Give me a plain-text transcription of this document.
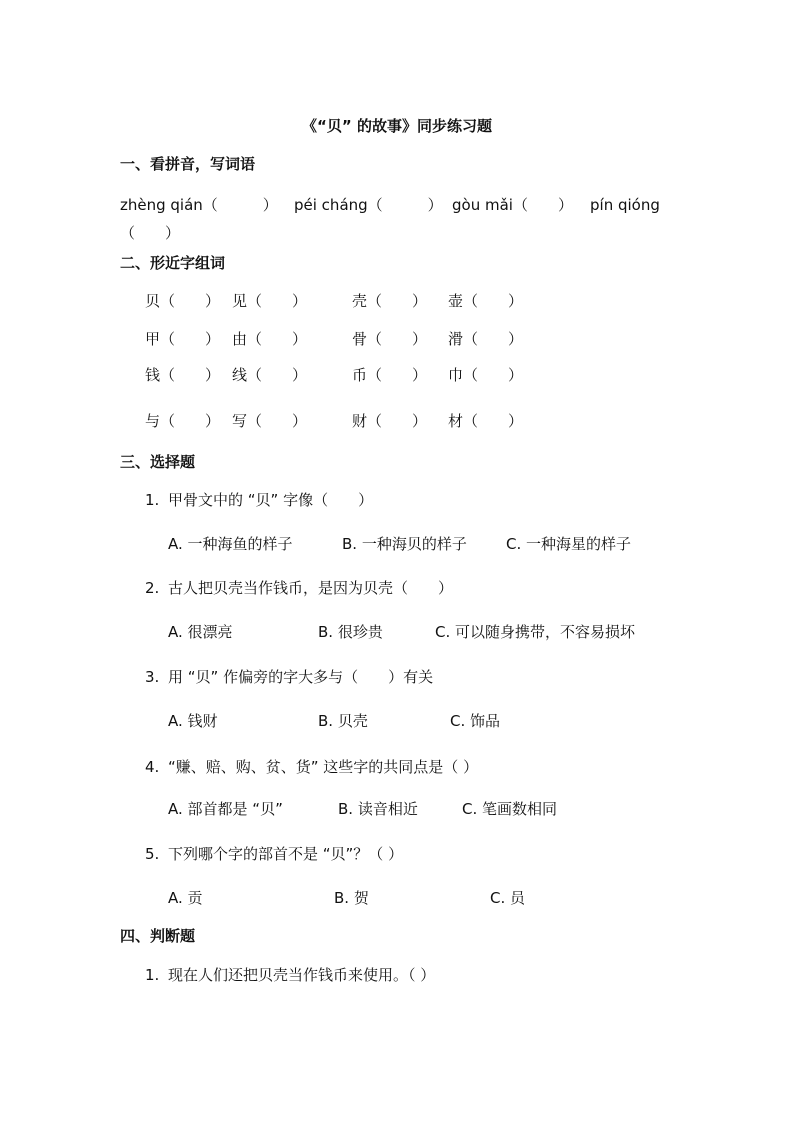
《“贝” 的故事》同步练习题
一、看拼音，写词语
zhèng qián（　　　） péi cháng（　　　） gòu mǎi（　　） pín qióng
（　　）
二、形近字组词
贝（　　） 见（　　）	壳（　　） 壶（　　）
甲（　　） 由（　　）	骨（　　） 滑（　　）
钱（　　） 线（　　）	币（　　） 巾（　　）
与（　　） 写（　　）	财（　　） 材（　　）
三、选择题
1. 甲骨文中的 “贝” 字像（　　）
A. 一种海鱼的样子	B. 一种海贝的样子	C. 一种海星的样子
2. 古人把贝壳当作钱币，是因为贝壳（　　）
A. 很漂亮	B. 很珍贵	C. 可以随身携带，不容易损坏
3. 用 “贝” 作偏旁的字大多与（　　）有关
A. 钱财	B. 贝壳	C. 饰品
4. “赚、赔、购、贫、货” 这些字的共同点是（ ）
A. 部首都是 “贝”	B. 读音相近	C. 笔画数相同
5. 下列哪个字的部首不是 “贝”？（ ）
A. 贡	B. 贺	C. 员
四、判断题
1. 现在人们还把贝壳当作钱币来使用。（ ）
